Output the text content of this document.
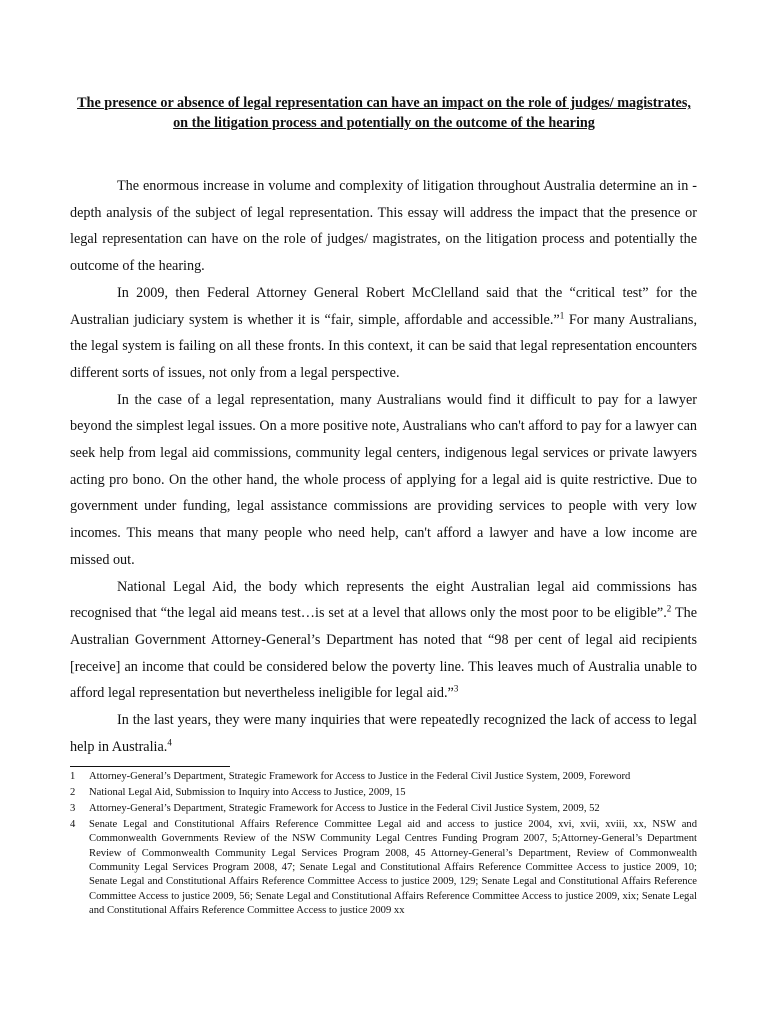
The presence or absence of legal representation can have an impact on the role of judges/ magistrates, on the litigation process and potentially on the outcome of the hearing

The enormous increase in volume and complexity of litigation throughout Australia determine an in - depth analysis of the subject of legal representation. This essay will address the impact that the presence or legal representation can have on the role of judges/ magistrates, on the litigation process and potentially the outcome of the hearing.

In 2009, then Federal Attorney General Robert McClelland said that the “critical test” for the Australian judiciary system is whether it is “fair, simple, affordable and accessible.”$^1$ For many Australians, the legal system is failing on all these fronts. In this context, it can be said that legal representation encounters different sorts of issues, not only from a legal perspective.

In the case of a legal representation, many Australians would find it difficult to pay for a lawyer beyond the simplest legal issues. On a more positive note, Australians who can't afford to pay for a lawyer can seek help from legal aid commissions, community legal centers, indigenous legal services or private lawyers acting pro bono. On the other hand, the whole process of applying for a legal aid is quite restrictive. Due to government under funding, legal assistance commissions are providing services to people with very low incomes. This means that many people who need help, can't afford a lawyer and have a low income are missed out.

National Legal Aid, the body which represents the eight Australian legal aid commissions has recognised that “the legal aid means test…is set at a level that allows only the most poor to be eligible”.$^2$ The Australian Government Attorney-General’s Department has noted that “98 per cent of legal aid recipients [receive] an income that could be considered below the poverty line. This leaves much of Australia unable to afford legal representation but nevertheless ineligible for legal aid.”$^3$

In the last years, they were many inquiries that were repeatedly recognized the lack of access to legal help in Australia.$^4$

1	Attorney-General’s Department, Strategic Framework for Access to Justice in the Federal Civil Justice System, 2009, Foreword
2	National Legal Aid, Submission to Inquiry into Access to Justice, 2009, 15
3	Attorney-General’s Department, Strategic Framework for Access to Justice in the Federal Civil Justice System, 2009, 52
4	Senate Legal and Constitutional Affairs Reference Committee Legal aid and access to justice 2004, xvi, xvii, xviii, xx, NSW and Commonwealth Governments Review of the NSW Community Legal Centres Funding Program 2007, 5;Attorney-General’s Department Review of Commonwealth Community Legal Services Program 2008, 45 Attorney-General’s Department, Review of Commonwealth Community Legal Services Program 2008, 47; Senate Legal and Constitutional Affairs Reference Committee Access to justice 2009, 10; Senate Legal and Constitutional Affairs Reference Committee Access to justice 2009, 129; Senate Legal and Constitutional Affairs Reference Committee Access to justice 2009, 56; Senate Legal and Constitutional Affairs Reference Committee Access to justice 2009, xix; Senate Legal and Constitutional Affairs Reference Committee Access to justice 2009 xx
